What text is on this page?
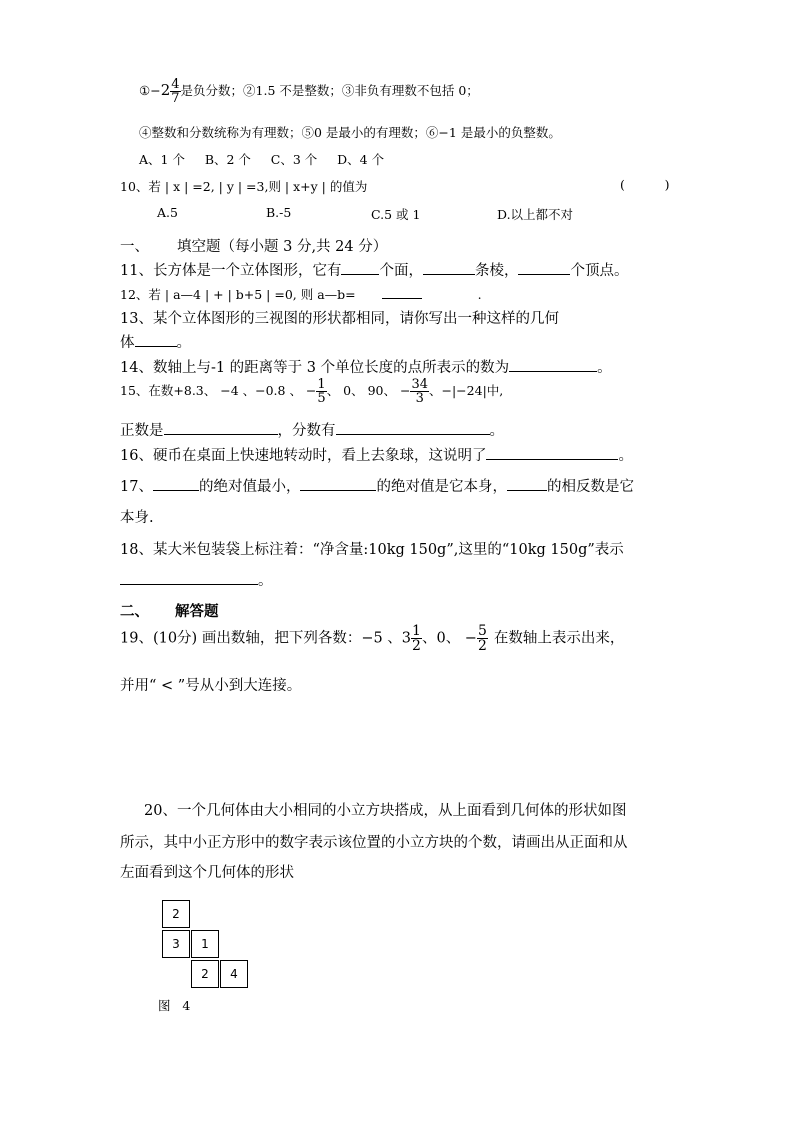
①−2 $\frac{4}{7}$ 是负分数；②1.5 不是整数；③非负有理数不包括 0；
④整数和分数统称为有理数；⑤0 是最小的有理数；⑥−1 是最小的负整数。
A、1 个     B、2 个     C、3 个     D、4 个
10、若 | x | =2, | y | =3,则 | x+y | 的值为	(          )
A.5	B.-5	C.5 或 1	D.以上都不对
一、 填空题（每小题 3 分,共 24 分）
11、长方体是一个立体图形，它有	个面，	条棱，	个顶点。
12、若 | a—4 | + | b+5 | =0, 则 a—b=	.
13、某个立体图形的三视图的形状都相同，请你写出一种这样的几何
体	。
14、数轴上与-1 的距离等于 3 个单位长度的点所表示的数为	。
15、在数+8.3、 −4 、−0.8 、 − $\frac{1}{5}$ 、 0、 90、 − $\frac{34}{3}$ 、−|−24|中,
正数是	，分数有	。
16、硬币在桌面上快速地转动时，看上去象球，这说明了	。
17、	的绝对值最小，	的绝对值是它本身，	的相反数是它
本身.
18、某大米包装袋上标注着：“净含量:10kg 150g”,这里的“10kg 150g”表示
。
二、 解答题
19、(10分) 画出数轴，把下列各数：−5 、$3 \frac{1}{2}$ 、0、 − $\frac{5}{2}$ 在数轴上表示出来，
并用“ < ”号从小到大连接。
20、一个几何体由大小相同的小立方块搭成，从上面看到几何体的形状如图
所示，其中小正方形中的数字表示该位置的小立方块的个数，请画出从正面和从
左面看到这个几何体的形状
2
3	1
2	4
图   4
